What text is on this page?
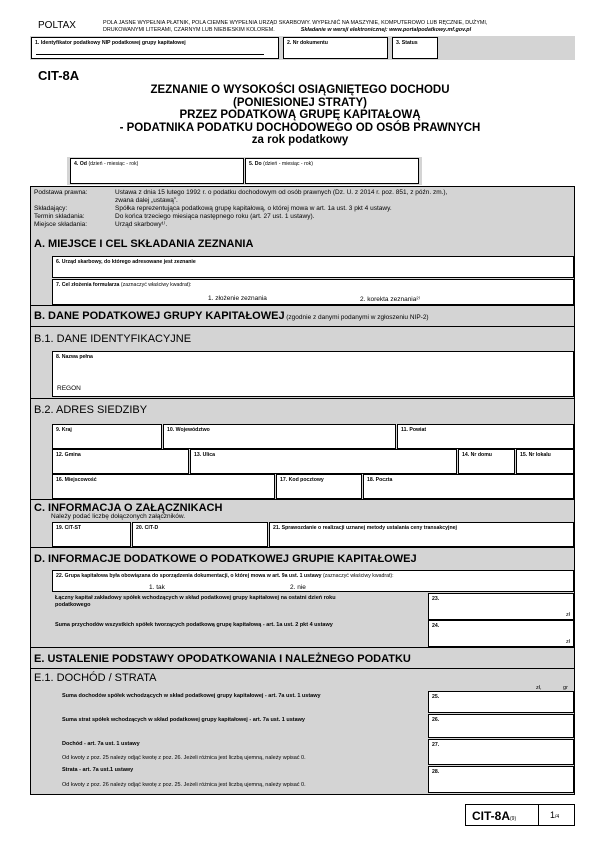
POLTAX	POLA JASNE WYPEŁNIA PŁATNIK, POLA CIEMNE WYPEŁNIA URZĄD SKARBOWY. WYPEŁNIĆ NA MASZYNIE, KOMPUTEROWO LUB RĘCZNIE, DUŻYMI,
DRUKOWANYMI LITERAMI, CZARNYM LUB NIEBIESKIM KOLOREM.	Składanie w wersji elektronicznej: www.portalpodatkowy.mf.gov.pl
1. Identyfikator podatkowy NIP podatkowej grupy kapitałowej	2. Nr dokumentu	3. Status
CIT-8A
ZEZNANIE O WYSOKOŚCI OSIĄGNIĘTEGO DOCHODU
(PONIESIONEJ STRATY)
PRZEZ PODATKOWĄ GRUPĘ KAPITAŁOWĄ
- PODATNIKA PODATKU DOCHODOWEGO OD OSÓB PRAWNYCH
za rok podatkowy
4. Od (dzień - miesiąc - rok)	5. Do (dzień - miesiąc - rok)
Podstawa prawna:	Ustawa z dnia 15 lutego 1992 r. o podatku dochodowym od osób prawnych (Dz. U. z 2014 r. poz. 851, z późn. zm.),
zwana dalej „ustawą”.
Składający:	Spółka reprezentująca podatkową grupę kapitałową, o której mowa w art. 1a ust. 3 pkt 4 ustawy.
Termin składania:	Do końca trzeciego miesiąca następnego roku (art. 27 ust. 1 ustawy).
Miejsce składania:	Urząd skarbowy¹⁾.
A. MIEJSCE I CEL SKŁADANIA ZEZNANIA
6. Urząd skarbowy, do którego adresowane jest zeznanie
7. Cel złożenia formularza (zaznaczyć właściwy kwadrat):
1. złożenie zeznania	2. korekta zeznania²⁾
B. DANE PODATKOWEJ GRUPY KAPITAŁOWEJ (zgodnie z danymi podanymi w zgłoszeniu NIP-2)
B.1. DANE IDENTYFIKACYJNE
B.2. ADRES SIEDZIBY
8. Nazwa pełna
REGON
9. Kraj	10. Województwo	11. Powiat
12. Gmina	13. Ulica	14. Nr domu	15. Nr lokalu
16. Miejscowość	17. Kod pocztowy	18. Poczta
C. INFORMACJA O ZAŁĄCZNIKACH
Należy podać liczbę dołączonych załączników.
19. CIT-ST	20. CIT-D	21. Sprawozdanie o realizacji uznanej metody ustalania ceny transakcyjnej
D. INFORMACJE DODATKOWE O PODATKOWEJ GRUPIE KAPITAŁOWEJ
22. Grupa kapitałowa była obowiązana do sporządzenia dokumentacji, o której mowa w art. 9a ust. 1 ustawy (zaznaczyć właściwy kwadrat):
1. tak	2. nie
Łączny kapitał zakładowy spółek wchodzących w skład podatkowej grupy kapitałowej na ostatni dzień roku
podatkowego
23.
zł
Suma przychodów wszystkich spółek tworzących podatkową grupę kapitałową - art. 1a ust. 2 pkt 4 ustawy	24.
zł
E. USTALENIE PODSTAWY OPODATKOWANIA I NALEŻNEGO PODATKU
E.1. DOCHÓD / STRATA
zł,	gr
Suma dochodów spółek wchodzących w skład podatkowej grupy kapitałowej - art. 7a ust. 1 ustawy	25.
Suma strat spółek wchodzących w skład podatkowej grupy kapitałowej - art. 7a ust. 1 ustawy	26.
Dochód - art. 7a ust. 1 ustawy
Od kwoty z poz. 25 należy odjąć kwotę z poz. 26. Jeżeli różnica jest liczbą ujemną, należy wpisać 0.
27.
Strata - art. 7a ust.1 ustawy
Od kwoty z poz. 26 należy odjąć kwotę z poz. 25. Jeżeli różnica jest liczbą ujemną, należy wpisać 0.
28.
CIT-8A(9)	1/4
